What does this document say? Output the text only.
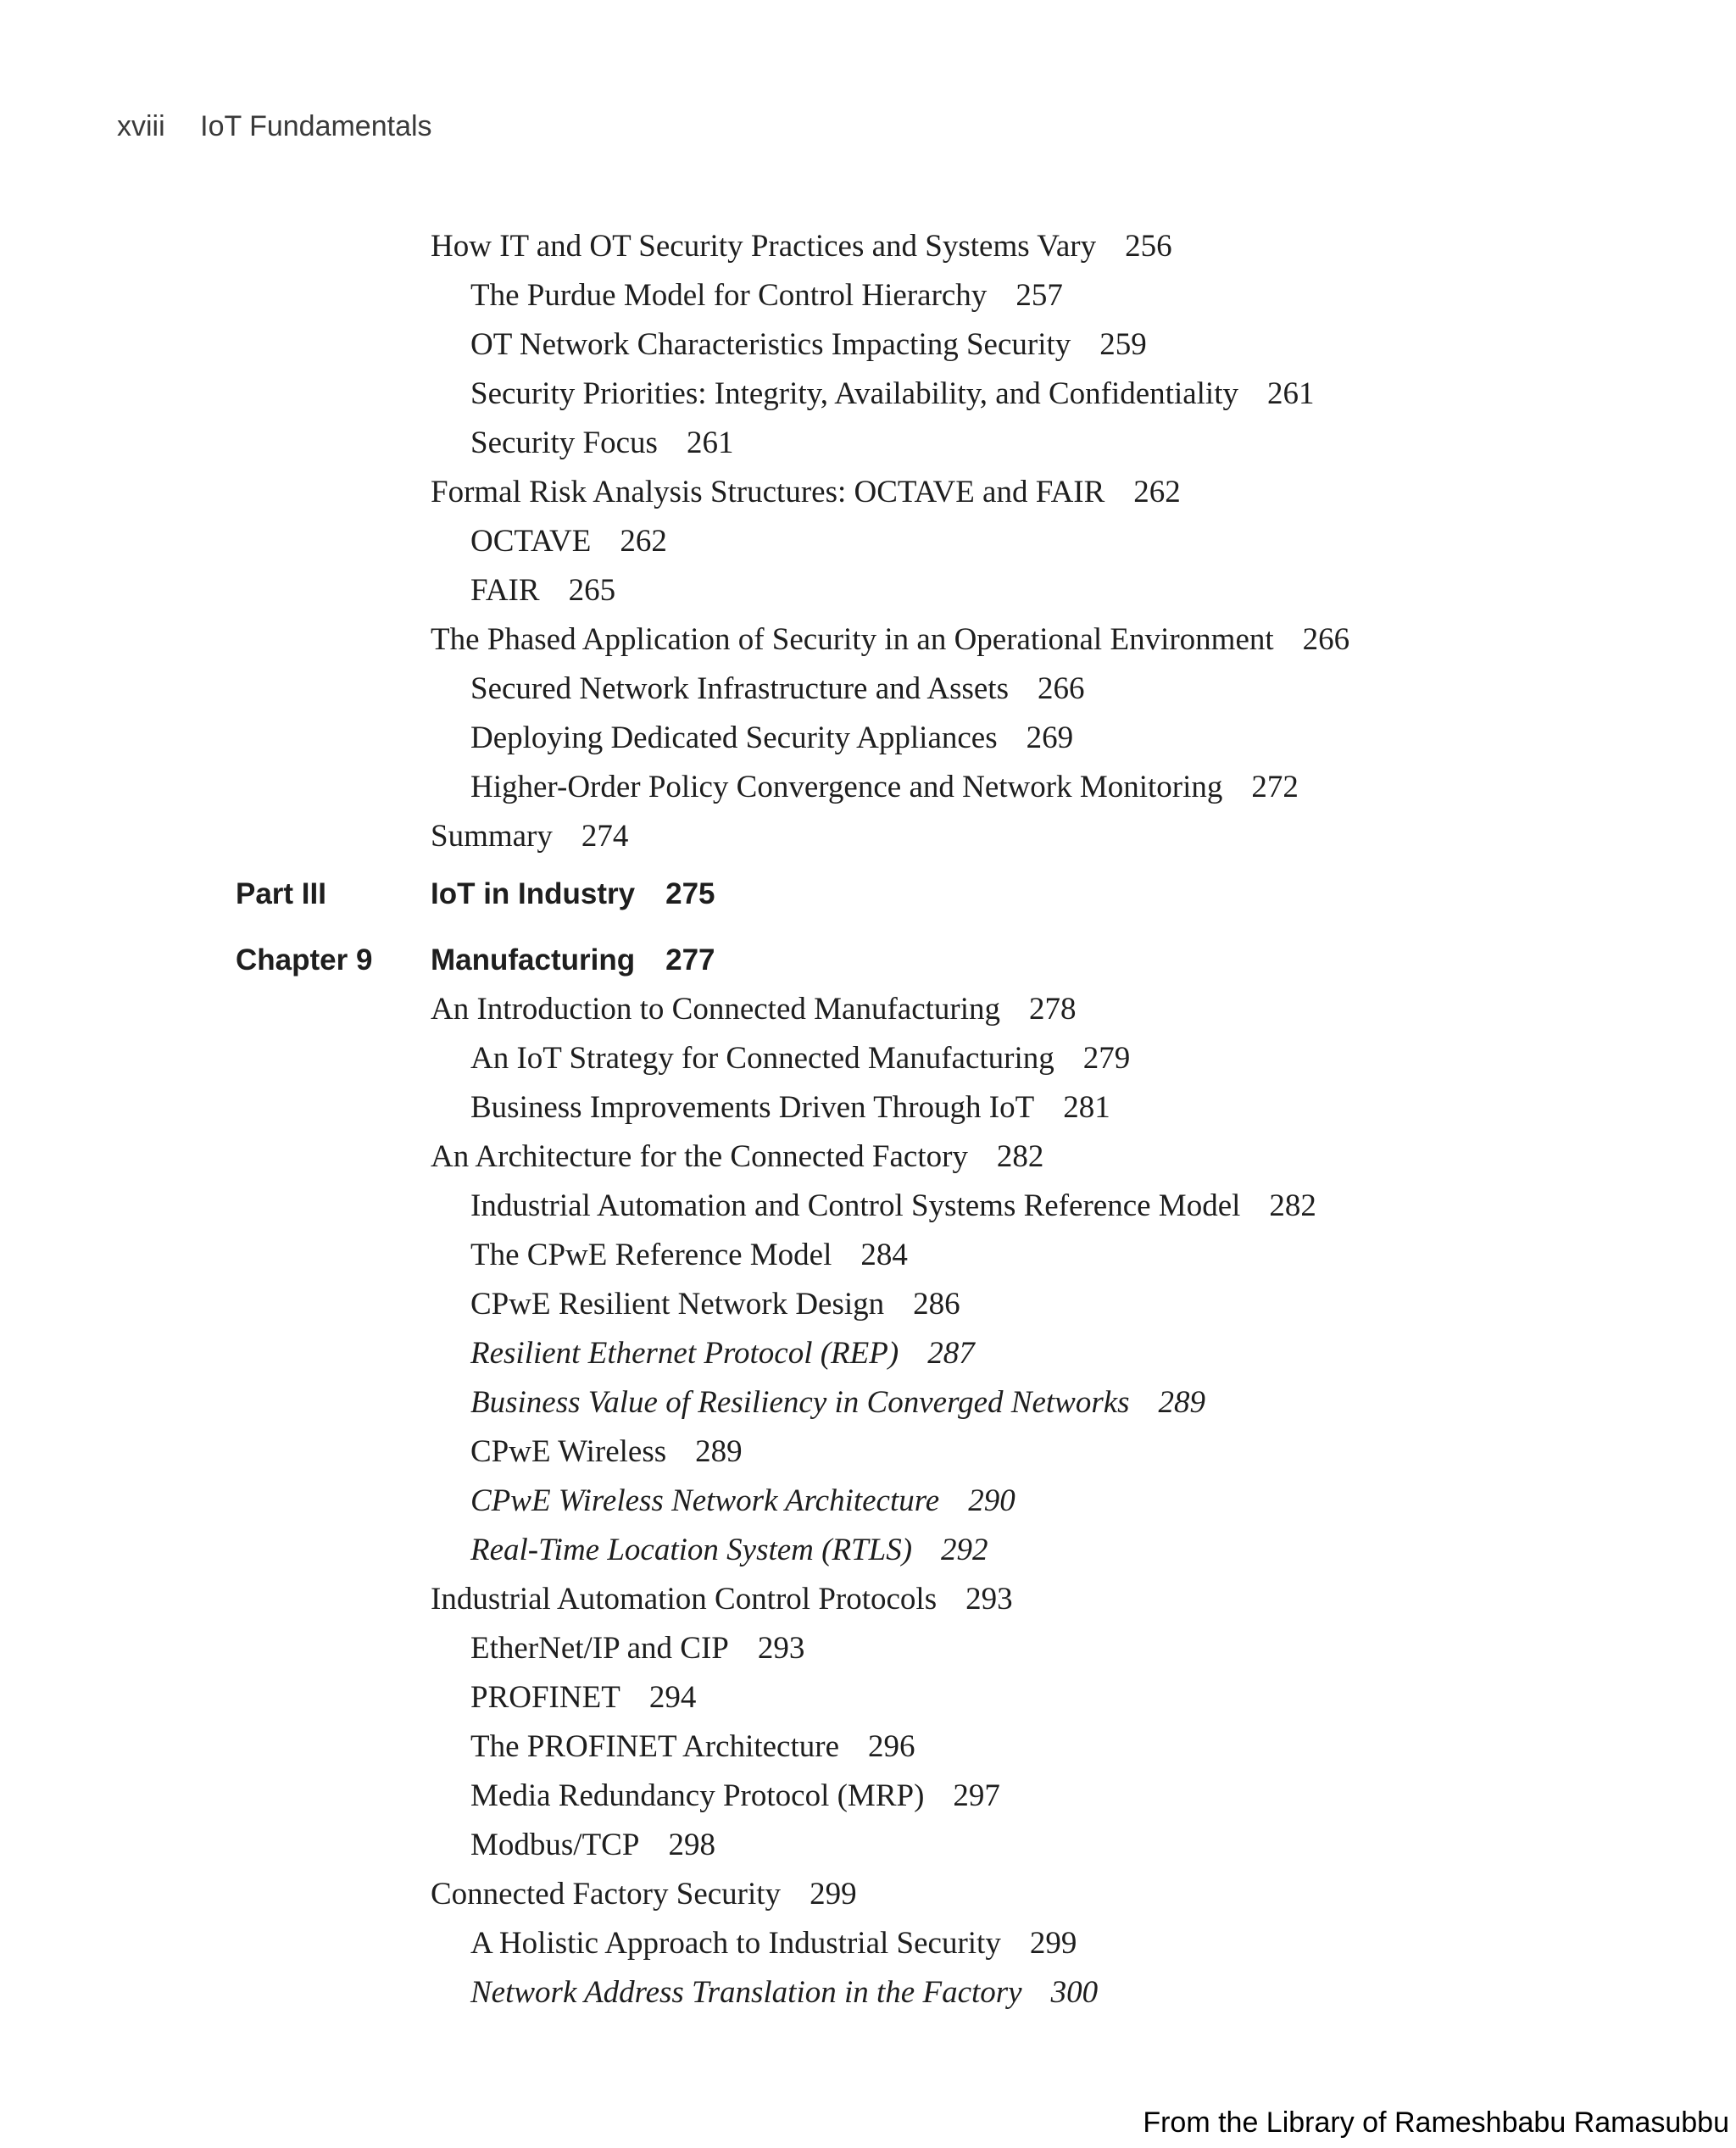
xviii IoT Fundamentals
How IT and OT Security Practices and Systems Vary 256
The Purdue Model for Control Hierarchy 257
OT Network Characteristics Impacting Security 259
Security Priorities: Integrity, Availability, and Confidentiality 261
Security Focus 261
Formal Risk Analysis Structures: OCTAVE and FAIR 262
OCTAVE 262
FAIR 265
The Phased Application of Security in an Operational Environment 266
Secured Network Infrastructure and Assets 266
Deploying Dedicated Security Appliances 269
Higher-Order Policy Convergence and Network Monitoring 272
Summary 274
Part III	IoT in Industry 275
Chapter 9 Manufacturing 277
An Introduction to Connected Manufacturing 278
An IoT Strategy for Connected Manufacturing 279
Business Improvements Driven Through IoT 281
An Architecture for the Connected Factory 282
Industrial Automation and Control Systems Reference Model 282
The CPwE Reference Model 284
CPwE Resilient Network Design 286
Resilient Ethernet Protocol (REP) 287
Business Value of Resiliency in Converged Networks 289
CPwE Wireless 289
CPwE Wireless Network Architecture 290
Real-Time Location System (RTLS) 292
Industrial Automation Control Protocols 293
EtherNet/IP and CIP 293
PROFINET 294
The PROFINET Architecture 296
Media Redundancy Protocol (MRP) 297
Modbus/TCP 298
Connected Factory Security 299
A Holistic Approach to Industrial Security 299
Network Address Translation in the Factory 300
From the Library of Rameshbabu Ramasubbu
